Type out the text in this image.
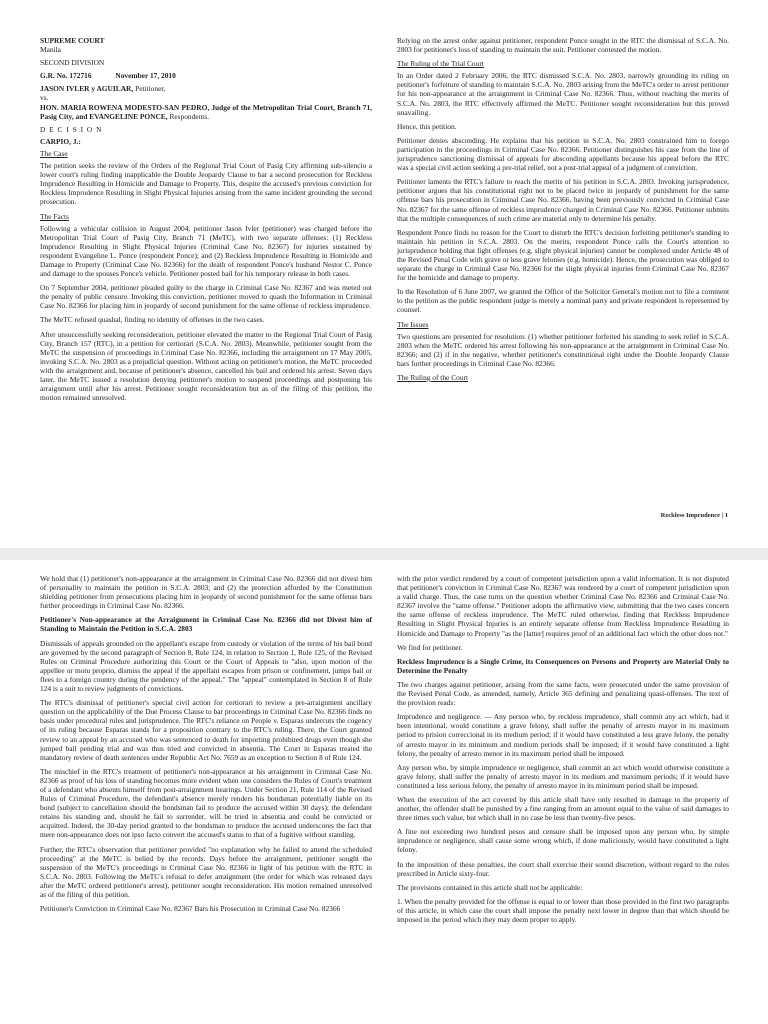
SUPREME COURT
Manila
SECOND DIVISION
G.R. No. 172716	November 17, 2010
JASON IVLER y AGUILAR, Petitioner,
vs.
HON. MARIA ROWENA MODESTO-SAN PEDRO, Judge of the Metropolitan Trial Court, Branch 71, Pasig City, and EVANGELINE PONCE, Respondents.
D E C I S I O N
CARPIO, J.:
The Case

The petition seeks the review of the Orders of the Regional Trial Court of Pasig City affirming sub-silencio a lower court's ruling finding inapplicable the Double Jeopardy Clause to bar a second prosecution for Reckless Imprudence Resulting in Homicide and Damage to Property. This, despite the accused's previous conviction for Reckless Imprudence Resulting in Slight Physical Injuries arising from the same incident grounding the second prosecution.

The Facts

Following a vehicular collision in August 2004, petitioner Jason Ivler (petitioner) was charged before the Metropolitan Trial Court of Pasig City, Branch 71 (MeTC), with two separate offenses: (1) Reckless Imprudence Resulting in Slight Physical Injuries (Criminal Case No. 82367) for injuries sustained by respondent Evangeline L. Ponce (respondent Ponce); and (2) Reckless Imprudence Resulting in Homicide and Damage to Property (Criminal Case No. 82366) for the death of respondent Ponce's husband Nestor C. Ponce and damage to the spouses Ponce's vehicle. Petitioner posted bail for his temporary release in both cases.

On 7 September 2004, petitioner pleaded guilty to the charge in Criminal Case No. 82367 and was meted out the penalty of public censure. Invoking this conviction, petitioner moved to quash the Information in Criminal Case No. 82366 for placing him in jeopardy of second punishment for the same offense of reckless imprudence.

The MeTC refused quashal, finding no identity of offenses in the two cases.

After unsuccessfully seeking reconsideration, petitioner elevated the matter to the Regional Trial Court of Pasig City, Branch 157 (RTC), in a petition for certiorari (S.C.A. No. 2803). Meanwhile, petitioner sought from the MeTC the suspension of proceedings in Criminal Case No. 82366, including the arraignment on 17 May 2005, invoking S.C.A. No. 2803 as a prejudicial question. Without acting on petitioner's motion, the MeTC proceeded with the arraignment and, because of petitioner's absence, cancelled his bail and ordered his arrest. Seven days later, the MeTC issued a resolution denying petitioner's motion to suspend proceedings and postponing his arraignment until after his arrest. Petitioner sought reconsideration but as of the filing of this petition, the motion remained unresolved.

Relying on the arrest order against petitioner, respondent Ponce sought in the RTC the dismissal of S.C.A. No. 2803 for petitioner's loss of standing to maintain the suit. Petitioner contested the motion.

The Ruling of the Trial Court

In an Order dated 2 February 2006, the RTC dismissed S.C.A. No. 2803, narrowly grounding its ruling on petitioner's forfeiture of standing to maintain S.C.A. No. 2803 arising from the MeTC's order to arrest petitioner for his non-appearance at the arraignment in Criminal Case No. 82366. Thus, without reaching the merits of S.C.A. No. 2803, the RTC effectively affirmed the MeTC. Petitioner sought reconsideration but this proved unavailing.

Hence, this petition.

Petitioner denies absconding. He explains that his petition in S.C.A. No. 2803 constrained him to forego participation in the proceedings in Criminal Case No. 82366. Petitioner distinguishes his case from the line of jurisprudence sanctioning dismissal of appeals for absconding appellants because his appeal before the RTC was a special civil action seeking a pre-trial relief, not a post-trial appeal of a judgment of conviction.

Petitioner laments the RTC's failure to reach the merits of his petition in S.C.A. 2803. Invoking jurisprudence, petitioner argues that his constitutional right not to be placed twice in jeopardy of punishment for the same offense bars his prosecution in Criminal Case No. 82366, having been previously convicted in Criminal Case No. 82367 for the same offense of reckless imprudence charged in Criminal Case No. 82366. Petitioner submits that the multiple consequences of such crime are material only to determine his penalty.

Respondent Ponce finds no reason for the Court to disturb the RTC's decision forfeiting petitioner's standing to maintain his petition in S.C.A. 2803. On the merits, respondent Ponce calls the Court's attention to jurisprudence holding that light offenses (e.g. slight physical injuries) cannot be complexed under Article 48 of the Revised Penal Code with grave or less grave felonies (e.g. homicide). Hence, the prosecution was obliged to separate the charge in Criminal Case No. 82366 for the slight physical injuries from Criminal Case No. 82367 for the homicide and damage to property.

In the Resolution of 6 June 2007, we granted the Office of the Solicitor General's motion not to file a comment to the petition as the public respondent judge is merely a nominal party and private respondent is represented by counsel.

The Issues

Two questions are presented for resolution: (1) whether petitioner forfeited his standing to seek relief in S.C.A. 2803 when the MeTC ordered his arrest following his non-appearance at the arraignment in Criminal Case No. 82366; and (2) if in the negative, whether petitioner's constitutional right under the Double Jeopardy Clause bars further proceedings in Criminal Case No. 82366.

The Ruling of the Court
Reckless Imprudence | 1

We hold that (1) petitioner's non-appearance at the arraignment in Criminal Case No. 82366 did not divest him of personality to maintain the petition in S.C.A. 2803; and (2) the protection afforded by the Constitution shielding petitioner from prosecutions placing him in jeopardy of second punishment for the same offense bars further proceedings in Criminal Case No. 82366.

Petitioner's Non-appearance at the Arraignment in Criminal Case No. 82366 did not Divest him of Standing to Maintain the Petition in S.C.A. 2803

Dismissals of appeals grounded on the appellant's escape from custody or violation of the terms of his bail bond are governed by the second paragraph of Section 8, Rule 124, in relation to Section 1, Rule 125, of the Revised Rules on Criminal Procedure authorizing this Court or the Court of Appeals to "also, upon motion of the appellee or motu proprio, dismiss the appeal if the appellant escapes from prison or confinement, jumps bail or flees to a foreign country during the pendency of the appeal." The "appeal" contemplated in Section 8 of Rule 124 is a suit to review judgments of convictions.

The RTC's dismissal of petitioner's special civil action for certiorari to review a pre-arraignment ancillary question on the applicability of the Due Process Clause to bar proceedings in Criminal Case No. 82366 finds no basis under procedural rules and jurisprudence. The RTC's reliance on People v. Esparas undercuts the cogency of its ruling because Esparas stands for a proposition contrary to the RTC's ruling. There, the Court granted review to an appeal by an accused who was sentenced to death for importing prohibited drugs even though she jumped bail pending trial and was thus tried and convicted in absentia. The Court in Esparas treated the mandatory review of death sentences under Republic Act No. 7659 as an exception to Section 8 of Rule 124.

The mischief in the RTC's treatment of petitioner's non-appearance at his arraignment in Criminal Case No. 82366 as proof of his loss of standing becomes more evident when one considers the Rules of Court's treatment of a defendant who absents himself from post-arraignment hearings. Under Section 21, Rule 114 of the Revised Rules of Criminal Procedure, the defendant's absence merely renders his bondsman potentially liable on its bond (subject to cancellation should the bondsman fail to produce the accused within 30 days); the defendant retains his standing and, should he fail to surrender, will be tried in absentia and could be convicted or acquitted. Indeed, the 30-day period granted to the bondsman to produce the accused underscores the fact that mere non-appearance does not ipso facto convert the accused's status to that of a fugitive without standing.

Further, the RTC's observation that petitioner provided "no explanation why he failed to attend the scheduled proceeding" at the MeTC is belied by the records. Days before the arraignment, petitioner sought the suspension of the MeTC's proceedings in Criminal Case No. 82366 in light of his petition with the RTC in S.C.A. No. 2803. Following the MeTC's refusal to defer arraignment (the order for which was released days after the MeTC ordered petitioner's arrest), petitioner sought reconsideration. His motion remained unresolved as of the filing of this petition.

Petitioner's Conviction in Criminal Case No. 82367 Bars his Prosecution in Criminal Case No. 82366

with the prior verdict rendered by a court of competent jurisdiction upon a valid information. It is not disputed that petitioner's conviction in Criminal Case No. 82367 was rendered by a court of competent jurisdiction upon a valid charge. Thus, the case turns on the question whether Criminal Case No. 82366 and Criminal Case No. 82367 involve the "same offense." Petitioner adopts the affirmative view, submitting that the two cases concern the same offense of reckless imprudence. The MeTC ruled otherwise, finding that Reckless Imprudence Resulting in Slight Physical Injuries is an entirely separate offense from Reckless Imprudence Resulting in Homicide and Damage to Property "as the [latter] requires proof of an additional fact which the other does not."

We find for petitioner.

Reckless Imprudence is a Single Crime, its Consequences on Persons and Property are Material Only to Determine the Penalty

The two charges against petitioner, arising from the same facts, were prosecuted under the same provision of the Revised Penal Code, as amended, namely, Article 365 defining and penalizing quasi-offenses. The text of the provision reads:

Imprudence and negligence. — Any person who, by reckless imprudence, shall commit any act which, had it been intentional, would constitute a grave felony, shall suffer the penalty of arresto mayor in its maximum period to prision correccional in its medium period; if it would have constituted a less grave felony, the penalty of arresto mayor in its minimum and medium periods shall be imposed; if it would have constituted a light felony, the penalty of arresto menor in its maximum period shall be imposed.

Any person who, by simple imprudence or negligence, shall commit an act which would otherwise constitute a grave felony, shall suffer the penalty of arresto mayor in its medium and maximum periods; if it would have constituted a less serious felony, the penalty of arresto mayor in its minimum period shall be imposed.

When the execution of the act covered by this article shall have only resulted in damage to the property of another, the offender shall be punished by a fine ranging from an amount equal to the value of said damages to three times such value, but which shall in no case be less than twenty-five pesos.

A fine not exceeding two hundred pesos and censure shall be imposed upon any person who, by simple imprudence or negligence, shall cause some wrong which, if done maliciously, would have constituted a light felony.

In the imposition of these penalties, the court shall exercise their sound discretion, without regard to the rules prescribed in Article sixty-four.

The provisions contained in this article shall not be applicable:

1. When the penalty provided for the offense is equal to or lower than those provided in the first two paragraphs of this article, in which case the court shall impose the penalty next lower in degree than that which should be imposed in the period which they may deem proper to apply.
